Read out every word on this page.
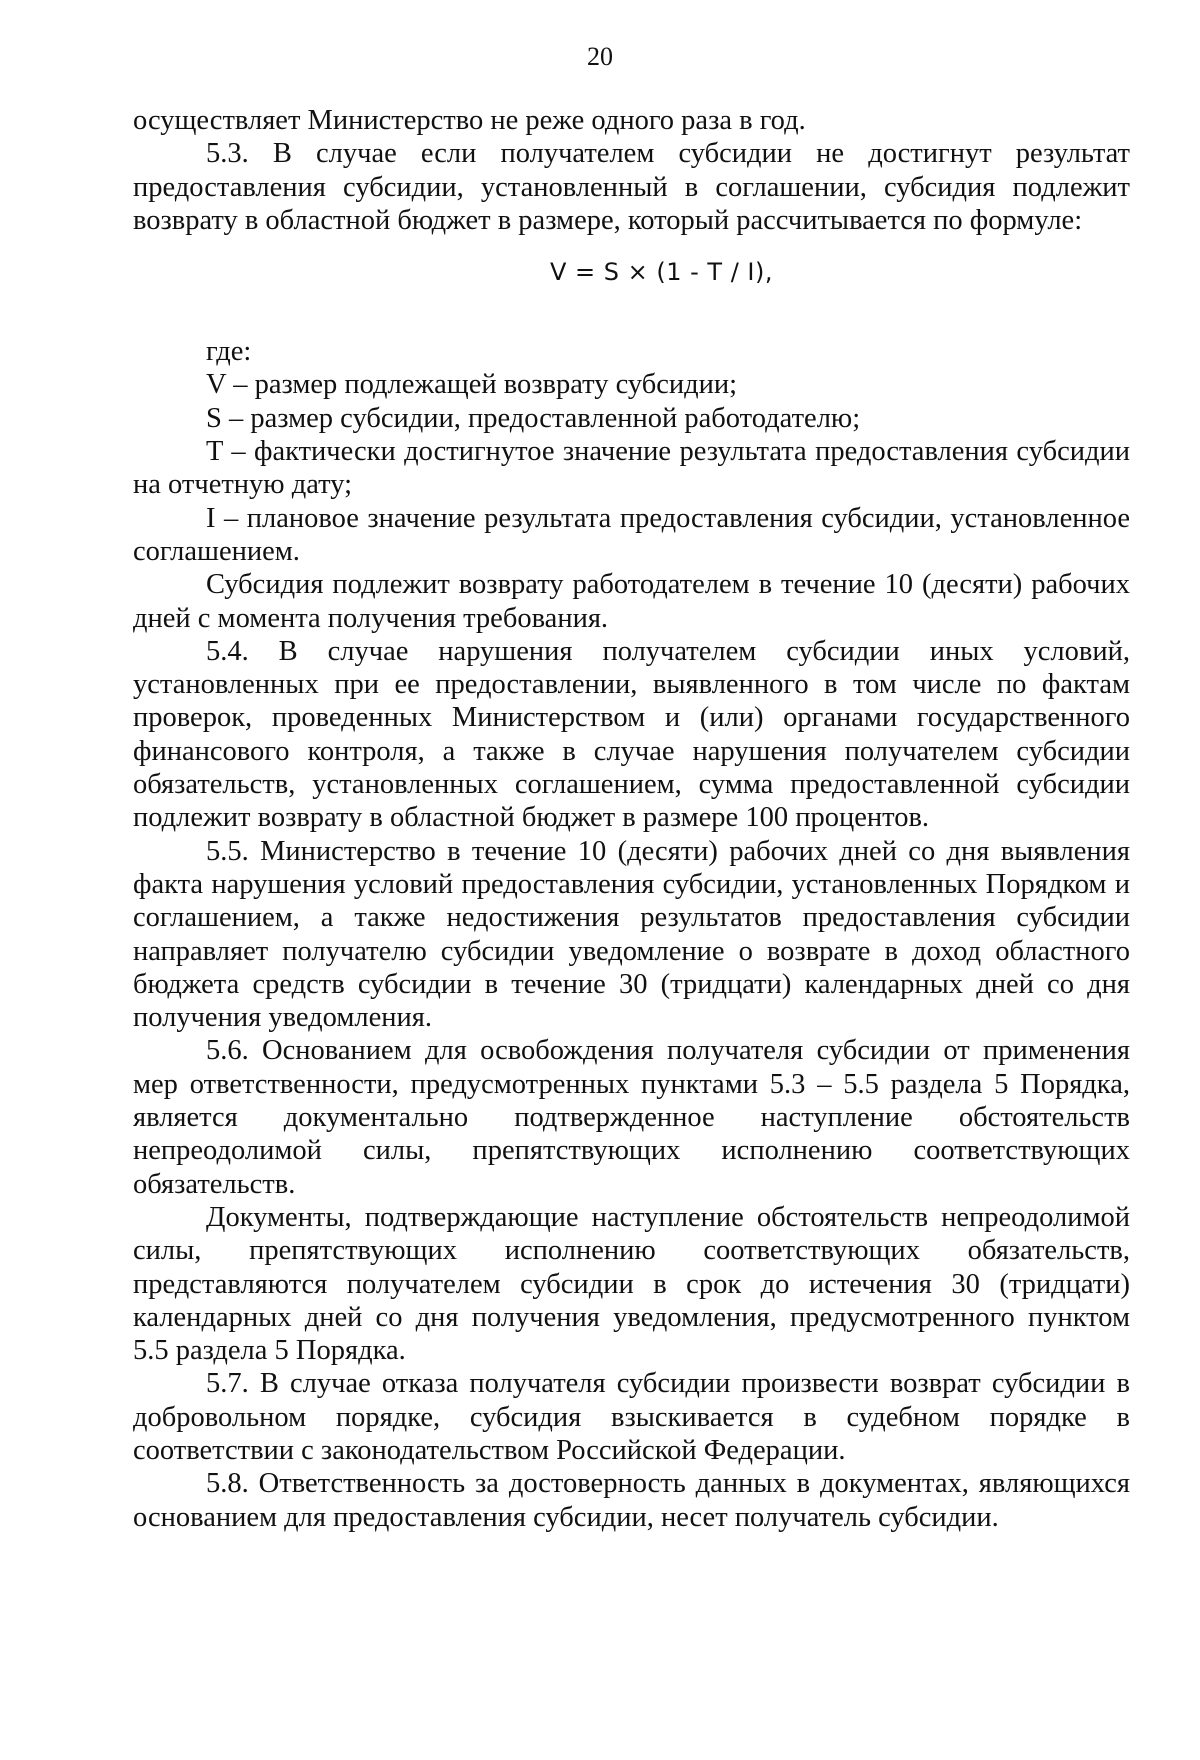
20

осуществляет Министерство не реже одного раза в год.

5.3. В случае если получателем субсидии не достигнут результат предоставления субсидии, установленный в соглашении, субсидия подлежит возврату в областной бюджет в размере, который рассчитывается по формуле:

V = S × (1 - T / I),

где:

V – размер подлежащей возврату субсидии;

S – размер субсидии, предоставленной работодателю;

T – фактически достигнутое значение результата предоставления субсидии на отчетную дату;

I – плановое значение результата предоставления субсидии, установленное соглашением.

Субсидия подлежит возврату работодателем в течение 10 (десяти) рабочих дней с момента получения требования.

5.4. В случае нарушения получателем субсидии иных условий, установленных при ее предоставлении, выявленного в том числе по фактам проверок, проведенных Министерством и (или) органами государственного финансового контроля, а также в случае нарушения получателем субсидии обязательств, установленных соглашением, сумма предоставленной субсидии подлежит возврату в областной бюджет в размере 100 процентов.

5.5. Министерство в течение 10 (десяти) рабочих дней со дня выявления факта нарушения условий предоставления субсидии, установленных Порядком и соглашением, а также недостижения результатов предоставления субсидии направляет получателю субсидии уведомление о возврате в доход областного бюджета средств субсидии в течение 30 (тридцати) календарных дней со дня получения уведомления.

5.6. Основанием для освобождения получателя субсидии от применения мер ответственности, предусмотренных пунктами 5.3 – 5.5 раздела 5 Порядка, является документально подтвержденное наступление обстоятельств непреодолимой силы, препятствующих исполнению соответствующих обязательств.

Документы, подтверждающие наступление обстоятельств непреодолимой силы, препятствующих исполнению соответствующих обязательств, представляются получателем субсидии в срок до истечения 30 (тридцати) календарных дней со дня получения уведомления, предусмотренного пунктом 5.5 раздела 5 Порядка.

5.7. В случае отказа получателя субсидии произвести возврат субсидии в добровольном порядке, субсидия взыскивается в судебном порядке в соответствии с законодательством Российской Федерации.

5.8. Ответственность за достоверность данных в документах, являющихся основанием для предоставления субсидии, несет получатель субсидии.
